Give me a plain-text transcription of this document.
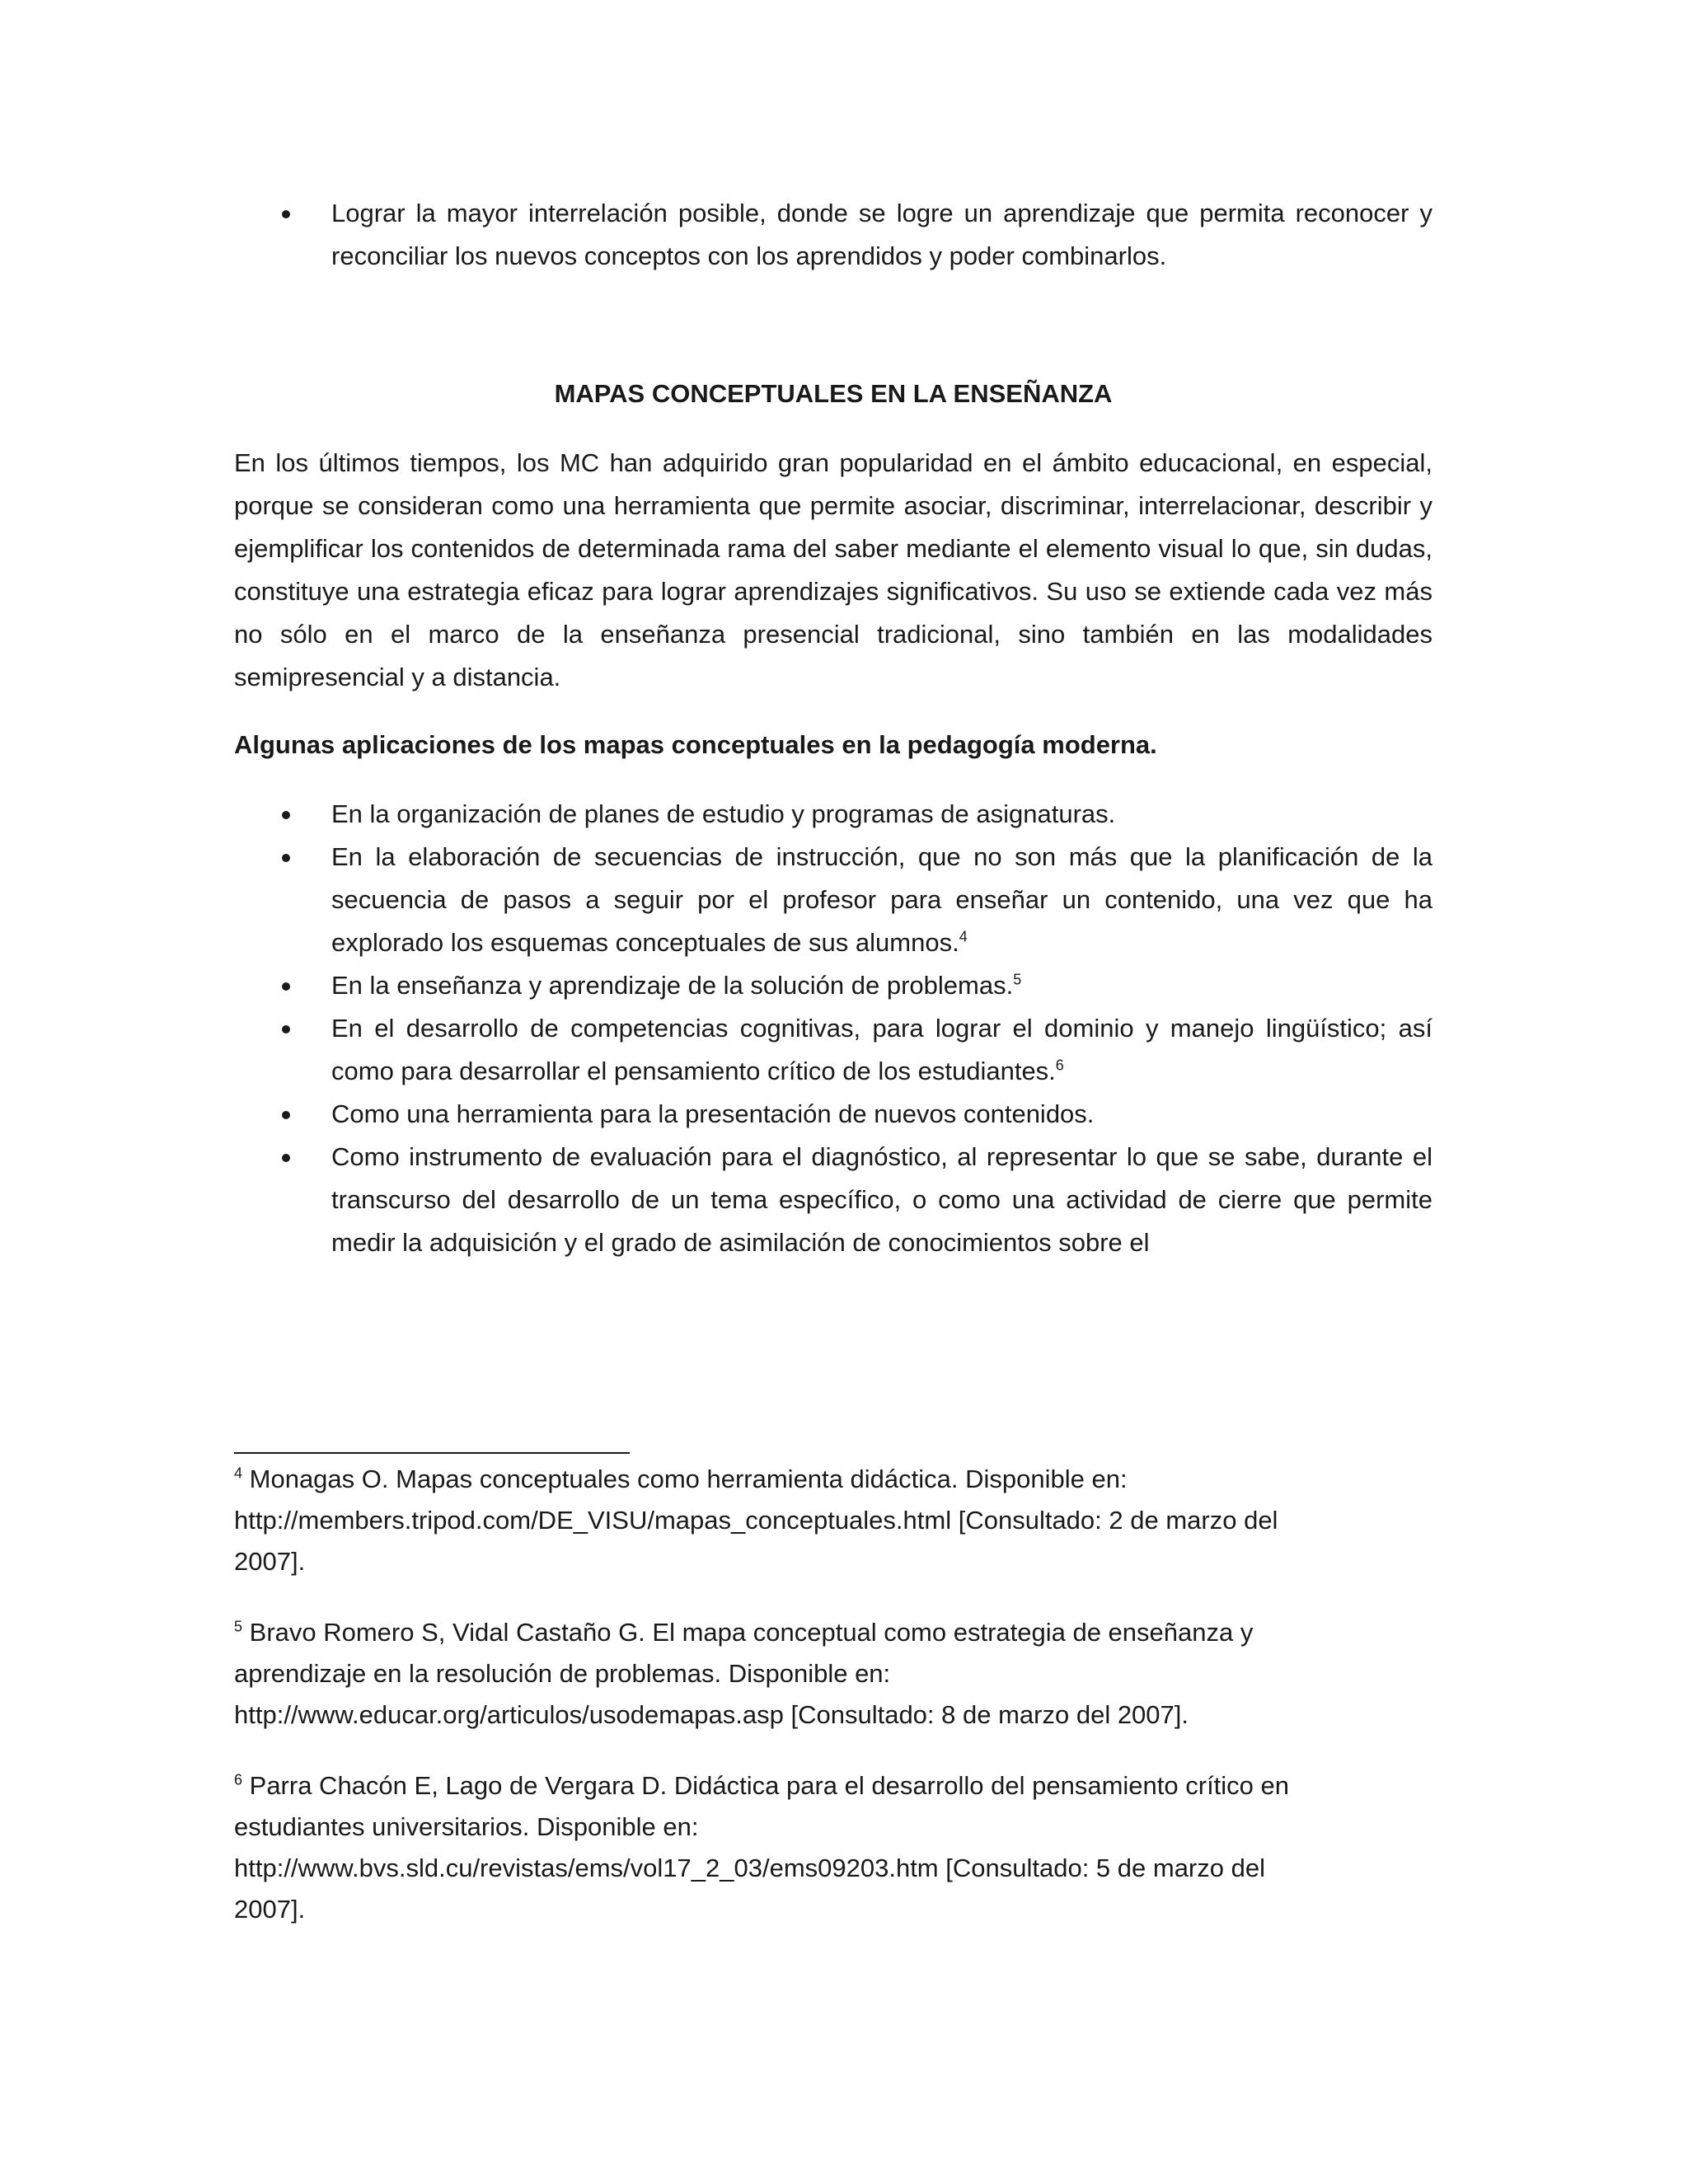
Lograr la mayor interrelación posible, donde se logre un aprendizaje que permita reconocer y reconciliar los nuevos conceptos con los aprendidos y poder combinarlos.
MAPAS CONCEPTUALES EN LA ENSEÑANZA
En los últimos tiempos, los MC han adquirido gran popularidad en el ámbito educacional, en especial, porque se consideran como una herramienta que permite asociar, discriminar, interrelacionar, describir y ejemplificar los contenidos de determinada rama del saber mediante el elemento visual lo que, sin dudas, constituye una estrategia eficaz para lograr aprendizajes significativos. Su uso se extiende cada vez más no sólo en el marco de la enseñanza presencial tradicional, sino también en las modalidades semipresencial y a distancia.
Algunas aplicaciones de los mapas conceptuales en la pedagogía moderna.
En la organización de planes de estudio y programas de asignaturas.
En la elaboración de secuencias de instrucción, que no son más que la planificación de la secuencia de pasos a seguir por el profesor para enseñar un contenido, una vez que ha explorado los esquemas conceptuales de sus alumnos.$^4$
En la enseñanza y aprendizaje de la solución de problemas.$^5$
En el desarrollo de competencias cognitivas, para lograr el dominio y manejo lingüístico; así como para desarrollar el pensamiento crítico de los estudiantes.$^6$
Como una herramienta para la presentación de nuevos contenidos.
Como instrumento de evaluación para el diagnóstico, al representar lo que se sabe, durante el transcurso del desarrollo de un tema específico, o como una actividad de cierre que permite medir la adquisición y el grado de asimilación de conocimientos sobre el
$^4$ Monagas O. Mapas conceptuales como herramienta didáctica. Disponible en:
http://members.tripod.com/DE_VISU/mapas_conceptuales.html [Consultado: 2 de marzo del
2007].
$^5$ Bravo Romero S, Vidal Castaño G. El mapa conceptual como estrategia de enseñanza y
aprendizaje en la resolución de problemas. Disponible en:
http://www.educar.org/articulos/usodemapas.asp [Consultado: 8 de marzo del 2007].
$^6$ Parra Chacón E, Lago de Vergara D. Didáctica para el desarrollo del pensamiento crítico en
estudiantes universitarios. Disponible en:
http://www.bvs.sld.cu/revistas/ems/vol17_2_03/ems09203.htm [Consultado: 5 de marzo del
2007].
